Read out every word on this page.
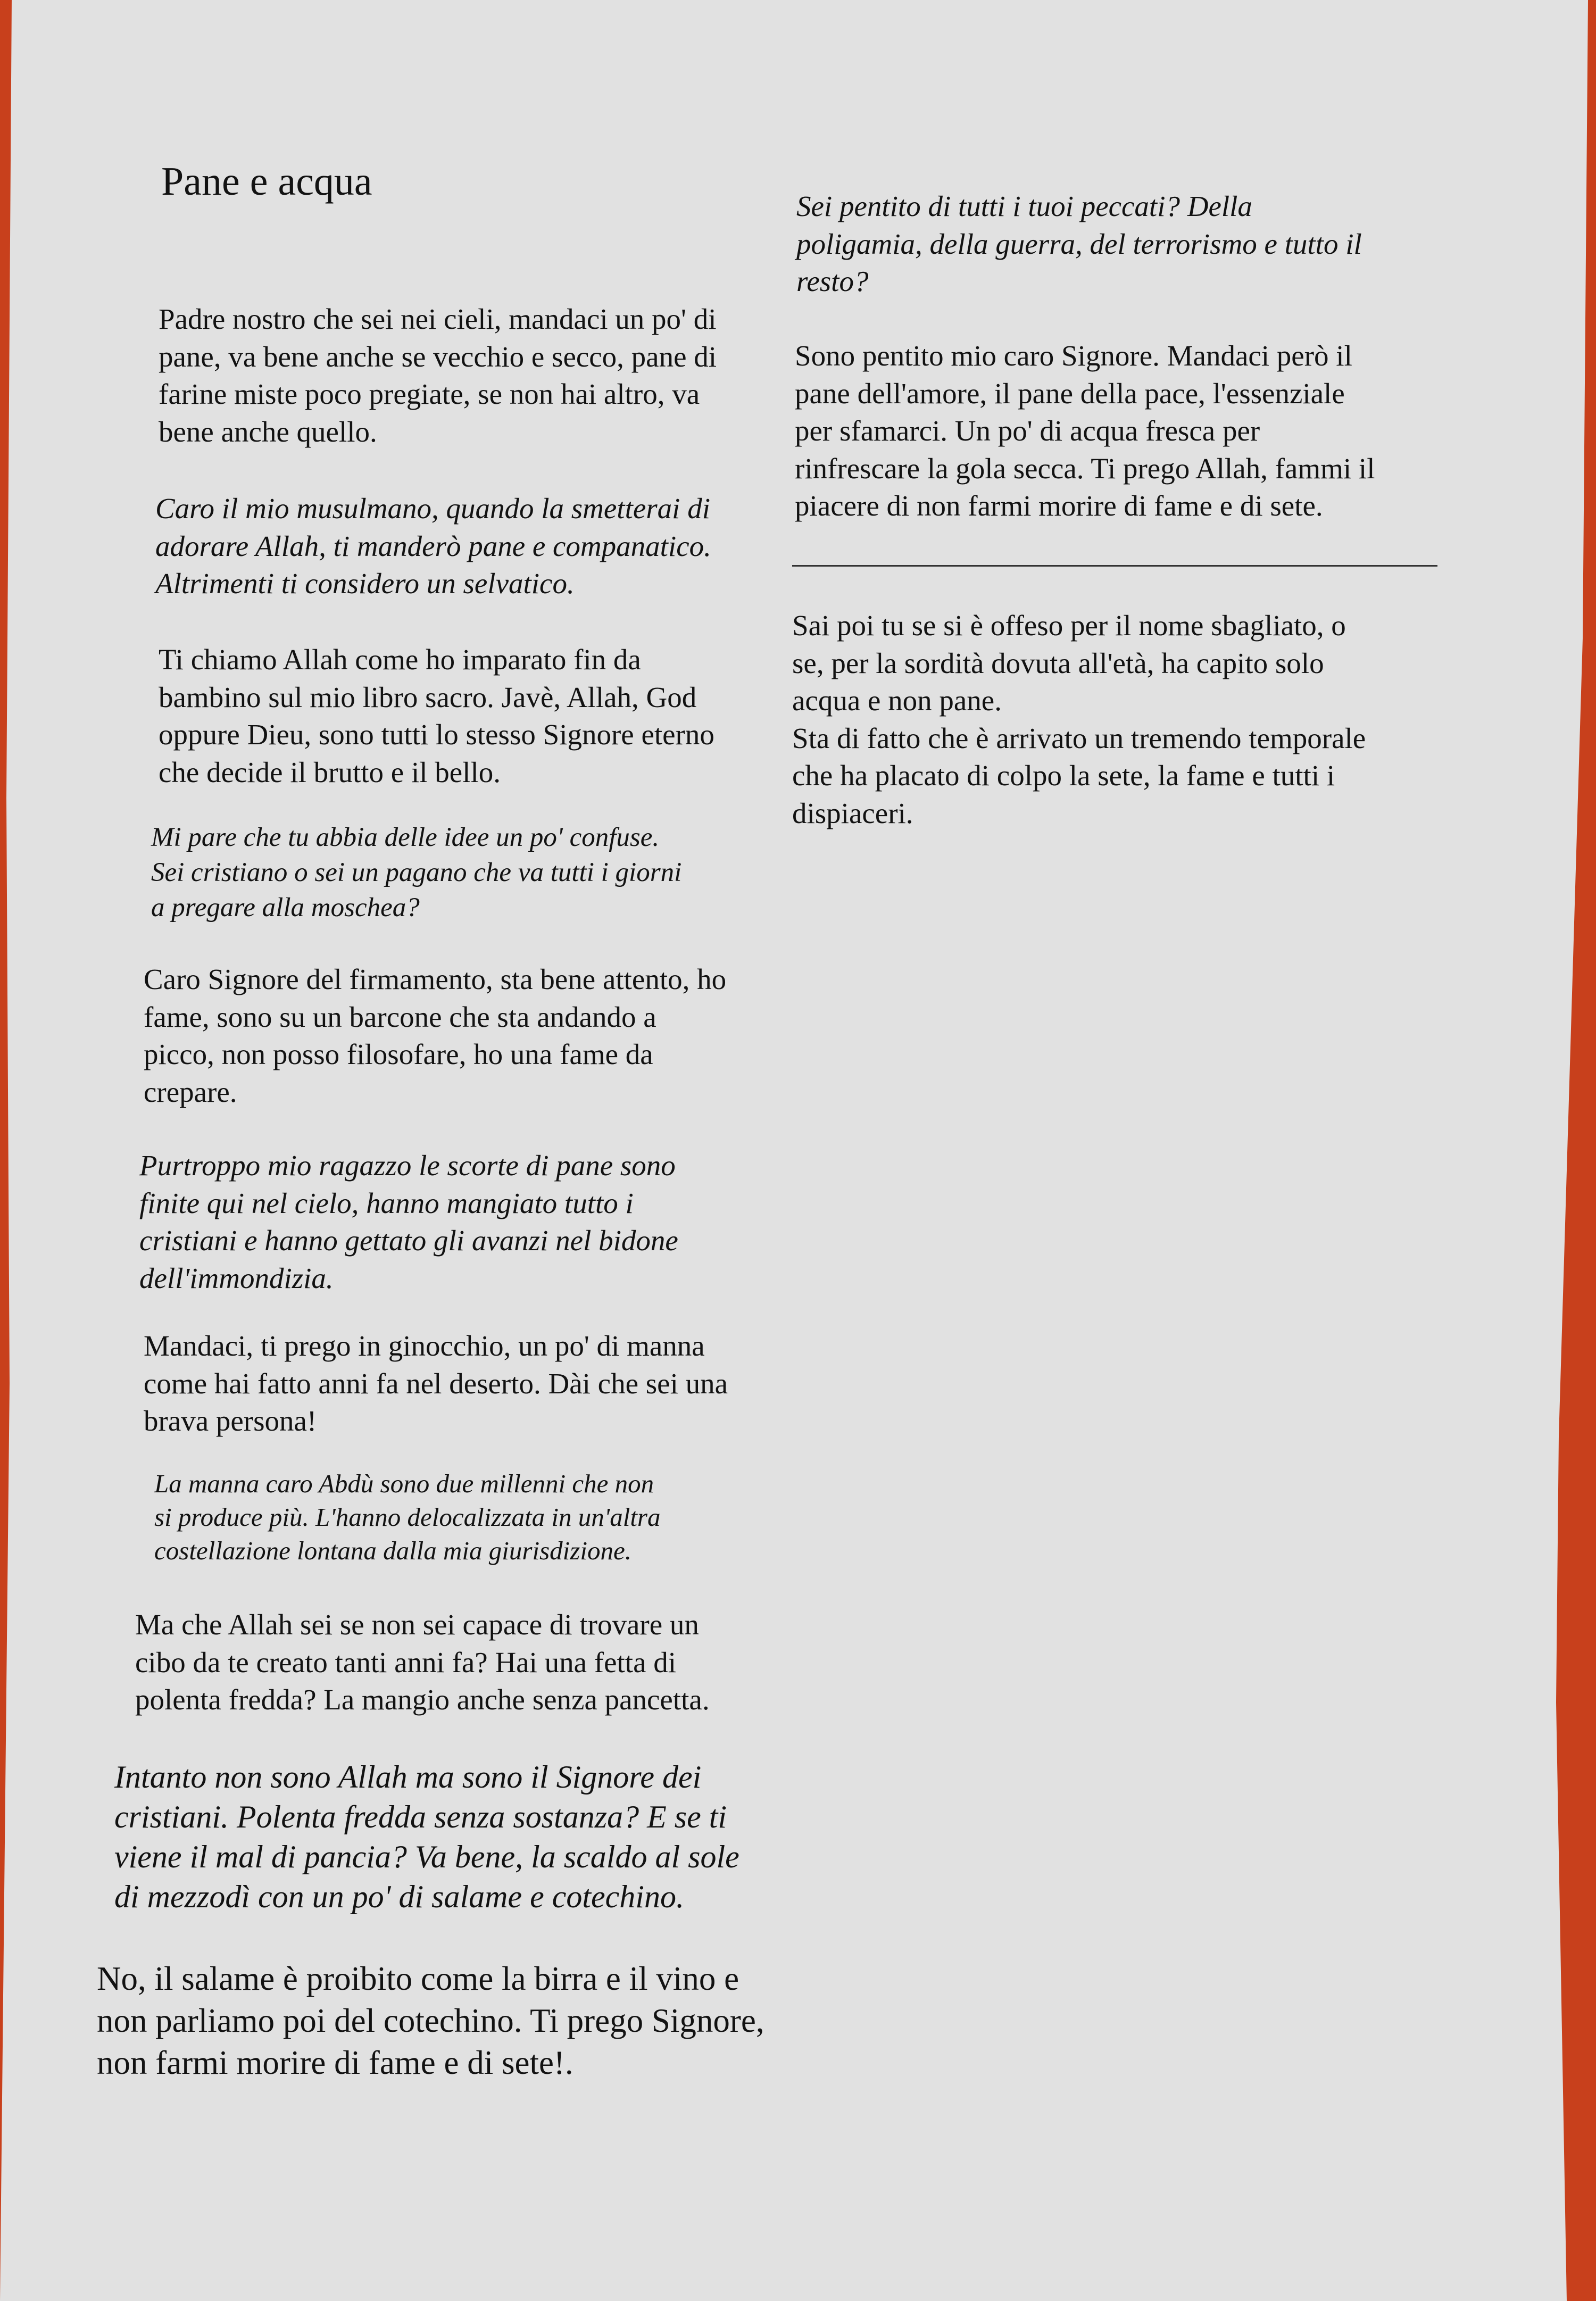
Pane e acqua
Padre nostro che sei nei cieli, mandaci un po' di
pane, va bene anche se vecchio e secco, pane di
farine miste poco pregiate, se non hai altro, va
bene anche quello.
Caro il mio musulmano, quando la smetterai di
adorare Allah, ti manderò pane e companatico.
Altrimenti ti considero un selvatico.
Ti chiamo Allah come ho imparato fin da
bambino sul mio libro sacro. Javè, Allah, God
oppure Dieu, sono tutti lo stesso Signore eterno
che decide il brutto e il bello.
Mi pare che tu abbia delle idee un po' confuse.
Sei cristiano o sei un pagano che va tutti i giorni
a pregare alla moschea?
Caro Signore del firmamento, sta bene attento, ho
fame, sono su un barcone che sta andando a
picco, non posso filosofare, ho una fame da
crepare.
Purtroppo mio ragazzo le scorte di pane sono
finite qui nel cielo, hanno mangiato tutto i
cristiani e hanno gettato gli avanzi nel bidone
dell'immondizia.
Mandaci, ti prego in ginocchio, un po' di manna
come hai fatto anni fa nel deserto. Dài che sei una
brava persona!
La manna caro Abdù sono due millenni che non
si produce più. L'hanno delocalizzata in un'altra
costellazione lontana dalla mia giurisdizione.
Ma che Allah sei se non sei capace di trovare un
cibo da te creato tanti anni fa? Hai una fetta di
polenta fredda? La mangio anche senza pancetta.
Intanto non sono Allah ma sono il Signore dei
cristiani. Polenta fredda senza sostanza? E se ti
viene il mal di pancia? Va bene, la scaldo al sole
di mezzodì con un po' di salame e cotechino.
No, il salame è proibito come la birra e il vino e
non parliamo poi del cotechino. Ti prego Signore,
non farmi morire di fame e di sete!.
Sei pentito di tutti i tuoi peccati? Della
poligamia, della guerra, del terrorismo e tutto il
resto?
Sono pentito mio caro Signore. Mandaci però il
pane dell'amore, il pane della pace, l'essenziale
per sfamarci. Un po' di acqua fresca per
rinfrescare la gola secca. Ti prego Allah, fammi il
piacere di non farmi morire di fame e di sete.
Sai poi tu se si è offeso per il nome sbagliato, o
se, per la sordità dovuta all'età, ha capito solo
acqua e non pane.
Sta di fatto che è arrivato un tremendo temporale
che ha placato di colpo la sete, la fame e tutti i
dispiaceri.
